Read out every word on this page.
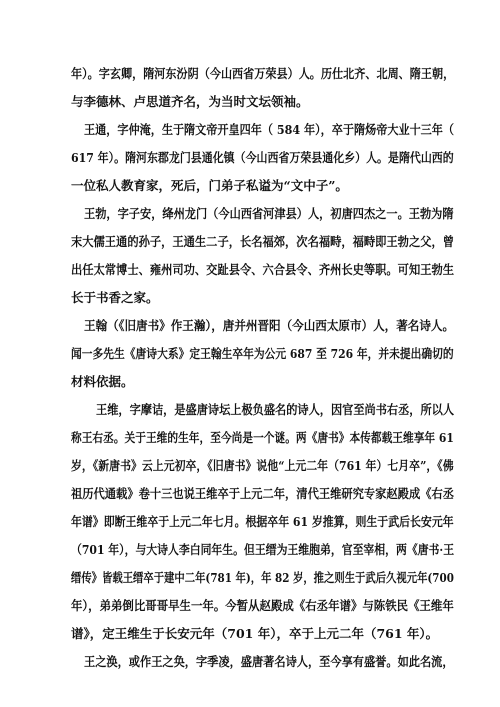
年）。字玄卿，隋河东汾阴（今山西省万荣县）人。历仕北齐、北周、隋王朝，
与李德林、卢思道齐名，为当时文坛领袖。
王通，字仲淹，生于隋文帝开皇四年（ 584 年），卒于隋炀帝大业十三年（
617 年）。隋河东郡龙门县通化镇（今山西省万荣县通化乡）人。是隋代山西的
一位私人教育家，死后，门弟子私谥为“文中子”。
王勃，字子安，绛州龙门（今山西省河津县）人，初唐四杰之一。王勃为隋
末大儒王通的孙子，王通生二子，长名福郊，次名福畤，福畤即王勃之父，曾
出任太常博士、雍州司功、交趾县令、六合县令、齐州长史等职。可知王勃生
长于书香之家。
王翰（《旧唐书》作王瀚），唐并州晋阳（今山西太原市）人，著名诗人。
闻一多先生《唐诗大系》定王翰生卒年为公元 687 至 726 年，并未提出确切的
材料依据。
王维，字摩诘，是盛唐诗坛上极负盛名的诗人，因官至尚书右丞，所以人
称王右丞。关于王维的生年，至今尚是一个谜。两《唐书》本传都载王维享年 61
岁，《新唐书》云上元初卒，《旧唐书》说他“上元二年（761 年）七月卒”，《佛
祖历代通载》卷十三也说王维卒于上元二年，清代王维研究专家赵殿成《右丞
年谱》即断王维卒于上元二年七月。根据卒年 61 岁推算，则生于武后长安元年
（701 年），与大诗人李白同年生。但王缙为王维胞弟，官至宰相，两《唐书·王
缙传》皆载王缙卒于建中二年(781 年)，年 82 岁，推之则生于武后久视元年(700
年），弟弟倒比哥哥早生一年。今暂从赵殿成《右丞年谱》与陈铁民《王维年
谱》，定王维生于长安元年（701 年），卒于上元二年（761 年）。
王之涣，或作王之奂，字季凌，盛唐著名诗人，至今享有盛誉。如此名流，
